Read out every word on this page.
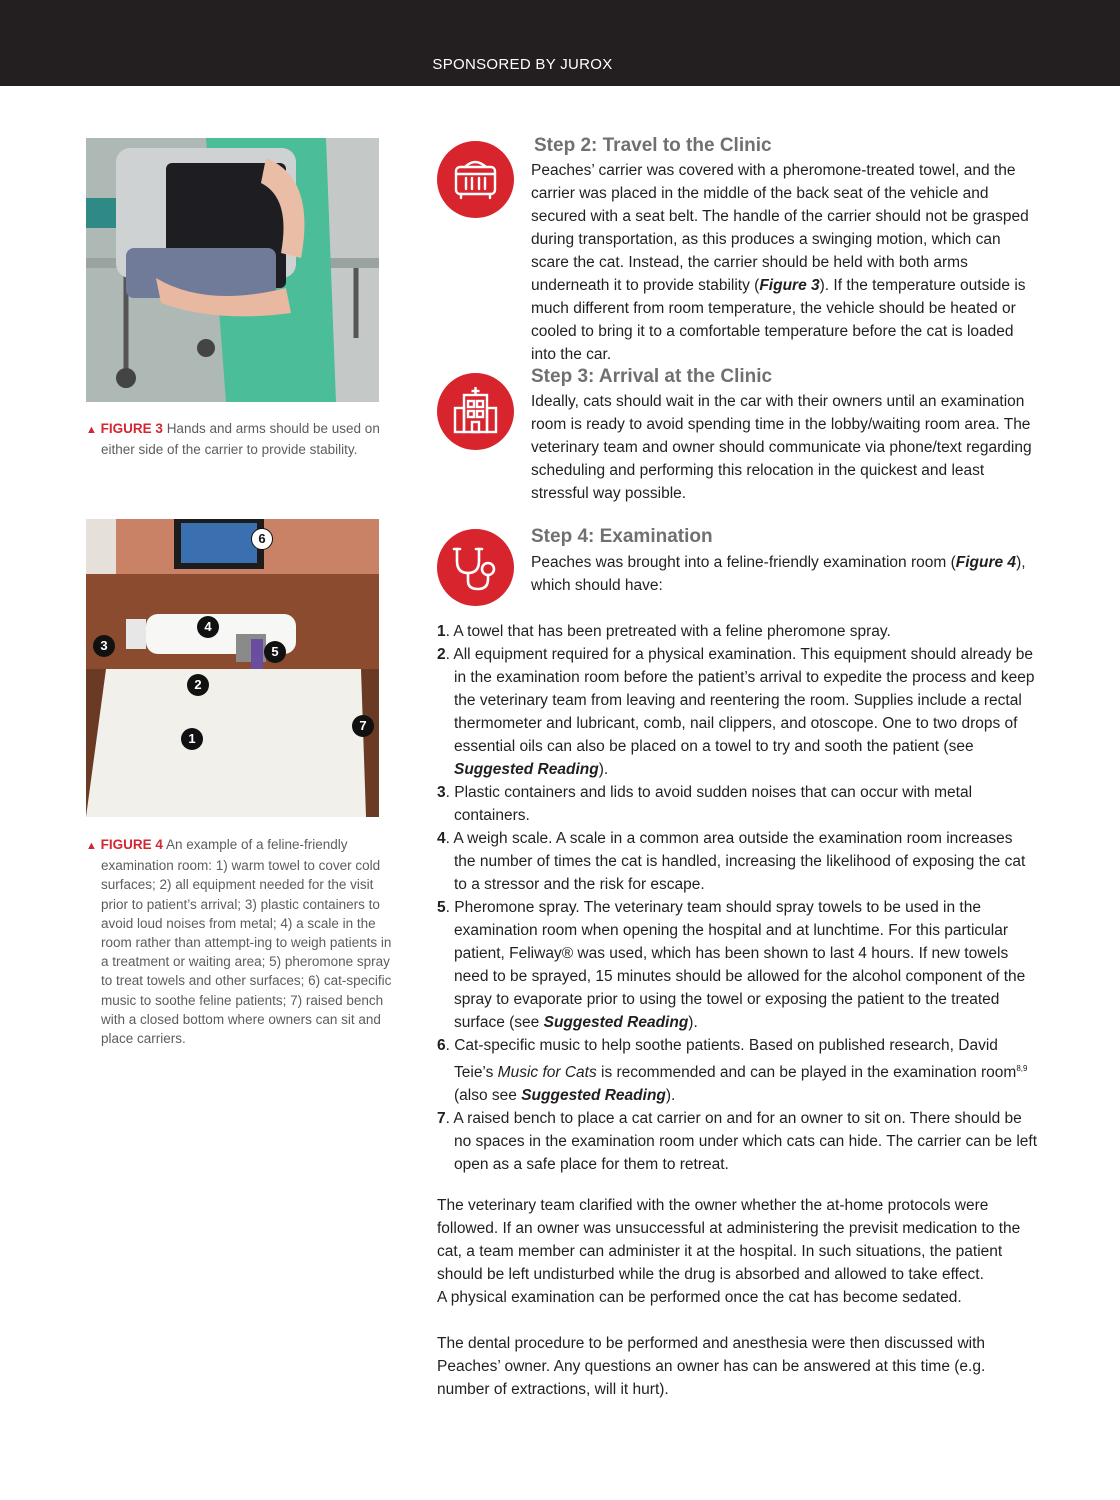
SPONSORED BY JUROX
▲ FIGURE 3 Hands and arms should be used on either side of the carrier to provide stability.
1
2
3
4
5
6
7
▲ FIGURE 4 An example of a feline-friendly examination room: 1) warm towel to cover cold surfaces; 2) all equipment needed for the visit prior to patient’s arrival; 3) plastic containers to avoid loud noises from metal; 4) a scale in the room rather than attempt-ing to weigh patients in a treatment or waiting area; 5) pheromone spray to treat towels and other surfaces; 6) cat-specific music to soothe feline patients; 7) raised bench with a closed bottom where owners can sit and place carriers.
Step 2: Travel to the Clinic

Peaches’ carrier was covered with a pheromone-treated towel, and the carrier was placed in the middle of the back seat of the vehicle and secured with a seat belt. The handle of the carrier should not be grasped during transportation, as this produces a swinging motion, which can scare the cat. Instead, the carrier should be held with both arms underneath it to provide stability (Figure 3). If the temperature outside is much different from room temperature, the vehicle should be heated or cooled to bring it to a comfortable temperature before the cat is loaded into the car.

Step 3: Arrival at the Clinic

Ideally, cats should wait in the car with their owners until an examination room is ready to avoid spending time in the lobby/waiting room area. The veterinary team and owner should communicate via phone/text regarding scheduling and performing this relocation in the quickest and least stressful way possible.

Step 4: Examination

Peaches was brought into a feline-friendly examination room (Figure 4), which should have:

1. A towel that has been pretreated with a feline pheromone spray.
2. All equipment required for a physical examination. This equipment should already be in the examination room before the patient’s arrival to expedite the process and keep the veterinary team from leaving and reentering the room. Supplies include a rectal thermometer and lubricant, comb, nail clippers, and otoscope. One to two drops of essential oils can also be placed on a towel to try and sooth the patient (see Suggested Reading).
3. Plastic containers and lids to avoid sudden noises that can occur with metal containers.
4. A weigh scale. A scale in a common area outside the examination room increases the number of times the cat is handled, increasing the likelihood of exposing the cat to a stressor and the risk for escape.
5. Pheromone spray. The veterinary team should spray towels to be used in the examination room when opening the hospital and at lunchtime. For this particular patient, Feliway® was used, which has been shown to last 4 hours. If new towels need to be sprayed, 15 minutes should be allowed for the alcohol component of the spray to evaporate prior to using the towel or exposing the patient to the treated surface (see Suggested Reading).
6. Cat-specific music to help soothe patients. Based on published research, David Teie’s Music for Cats is recommended and can be played in the examination room$^{8,9}$ (also see Suggested Reading).
7. A raised bench to place a cat carrier on and for an owner to sit on. There should be no spaces in the examination room under which cats can hide. The carrier can be left open as a safe place for them to retreat.

The veterinary team clarified with the owner whether the at-home protocols were followed. If an owner was unsuccessful at administering the previsit medication to the cat, a team member can administer it at the hospital. In such situations, the patient should be left undisturbed while the drug is absorbed and allowed to take effect.

A physical examination can be performed once the cat has become sedated.

The dental procedure to be performed and anesthesia were then discussed with Peaches’ owner. Any questions an owner has can be answered at this time (e.g. number of extractions, will it hurt).
